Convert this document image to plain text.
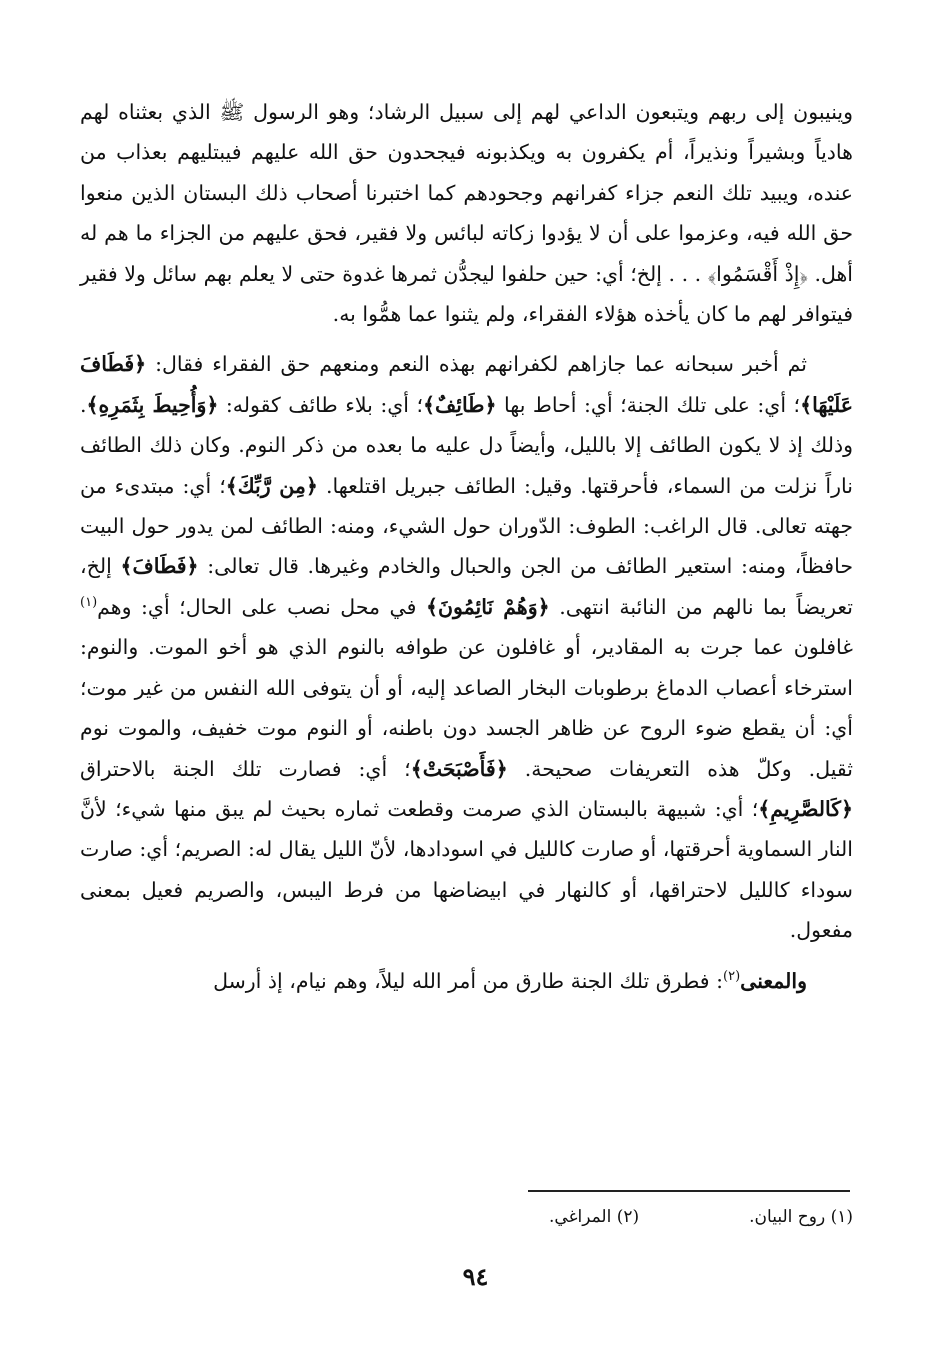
وينيبون إلى ربهم ويتبعون الداعي لهم إلى سبيل الرشاد؛ وهو الرسول ﷺ الذي بعثناه لهم هادياً وبشيراً ونذيراً، أم يكفرون به ويكذبونه فيجحدون حق الله عليهم فيبتليهم بعذاب من عنده، ويبيد تلك النعم جزاء كفرانهم وجحودهم كما اختبرنا أصحاب ذلك البستان الذين منعوا حق الله فيه، وعزموا على أن لا يؤدوا زكاته لبائس ولا فقير، فحق عليهم من الجزاء ما هم له أهل. ﴿إِذْ أَقْسَمُوا﴾ . . . إلخ؛ أي: حين حلفوا ليجدُّن ثمرها غدوة حتى لا يعلم بهم سائل ولا فقير فيتوافر لهم ما كان يأخذه هؤلاء الفقراء، ولم يثنوا عما همُّوا به.

ثم أخبر سبحانه عما جازاهم لكفرانهم بهذه النعم ومنعهم حق الفقراء فقال: ﴿فَطَافَ عَلَيْهَا﴾؛ أي: على تلك الجنة؛ أي: أحاط بها ﴿طَائِفٌ﴾؛ أي: بلاء طائف كقوله: ﴿وَأُحِيطَ بِثَمَرِهِ﴾. وذلك إذ لا يكون الطائف إلا بالليل، وأيضاً دل عليه ما بعده من ذكر النوم. وكان ذلك الطائف ناراً نزلت من السماء، فأحرقتها. وقيل: الطائف جبريل اقتلعها. ﴿مِن رَّبِّكَ﴾؛ أي: مبتدىء من جهته تعالى. قال الراغب: الطوف: الدّوران حول الشيء، ومنه: الطائف لمن يدور حول البيت حافظاً، ومنه: استعير الطائف من الجن والحبال والخادم وغيرها. قال تعالى: ﴿فَطَافَ﴾ إلخ، تعريضاً بما نالهم من النائبة انتهى. ﴿وَهُمْ نَائِمُونَ﴾ في محل نصب على الحال؛ أي: وهم$^{(١)}$ غافلون عما جرت به المقادير، أو غافلون عن طوافه بالنوم الذي هو أخو الموت. والنوم: استرخاء أعصاب الدماغ برطوبات البخار الصاعد إليه، أو أن يتوفى الله النفس من غير موت؛ أي: أن يقطع ضوء الروح عن ظاهر الجسد دون باطنه، أو النوم موت خفيف، والموت نوم ثقيل. وكلّ هذه التعريفات صحيحة. ﴿فَأَصْبَحَتْ﴾؛ أي: فصارت تلك الجنة بالاحتراق ﴿كَالصَّرِيمِ﴾؛ أي: شبيهة بالبستان الذي صرمت وقطعت ثماره بحيث لم يبق منها شيء؛ لأنَّ النار السماوية أحرقتها، أو صارت كالليل في اسودادها، لأنّ الليل يقال له: الصريم؛ أي: صارت سوداء كالليل لاحتراقها، أو كالنهار في ابيضاضها من فرط اليبس، والصريم فعيل بمعنى مفعول.

والمعنى$^{(٢)}$: فطرق تلك الجنة طارق من أمر الله ليلاً، وهم نيام، إذ أرسل

(١) روح البيان.
(٢) المراغي.
٩٤
